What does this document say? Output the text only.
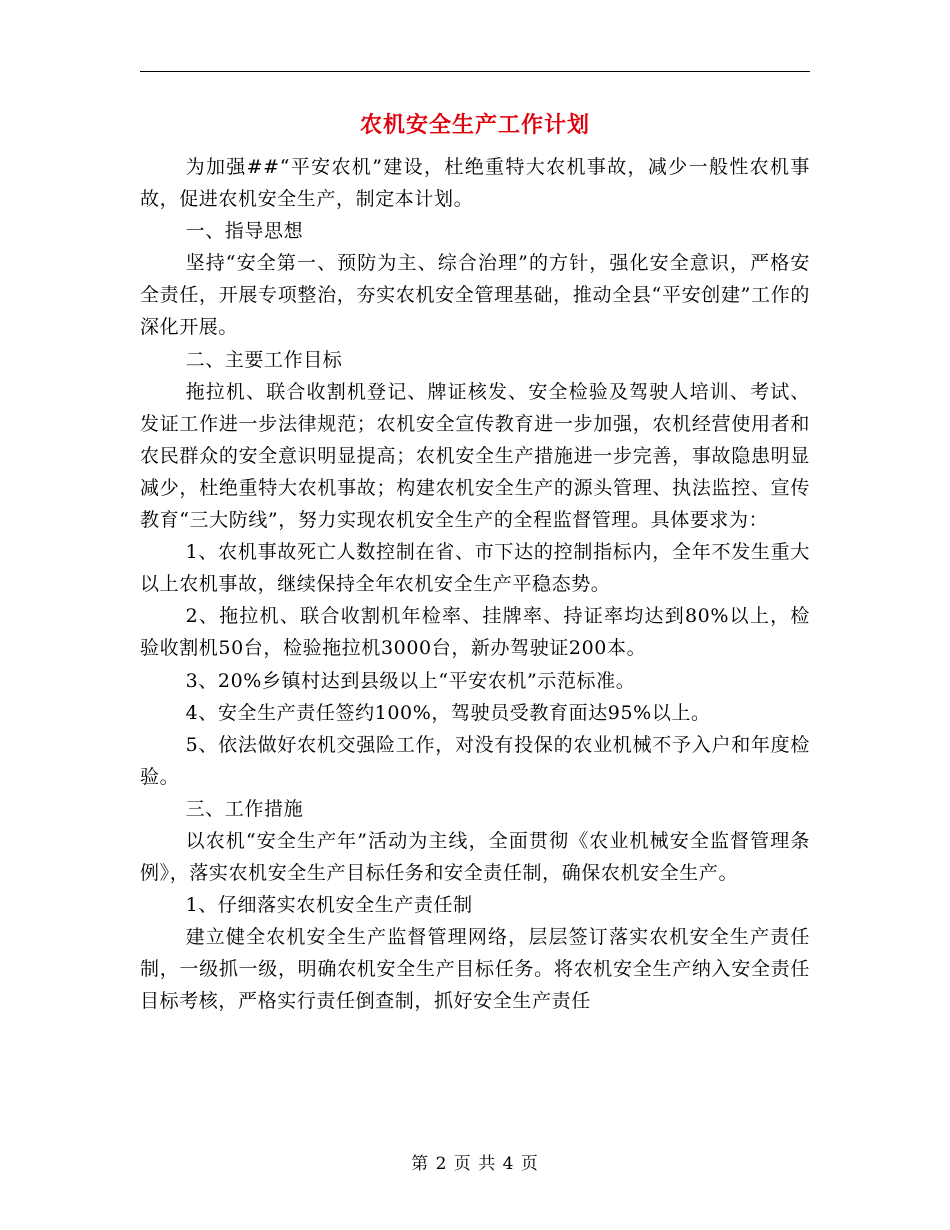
农机安全生产工作计划

为加强##“平安农机”建设，杜绝重特大农机事故，减少一般性农机事故，促进农机安全生产，制定本计划。

一、指导思想

坚持“安全第一、预防为主、综合治理”的方针，强化安全意识，严格安全责任，开展专项整治，夯实农机安全管理基础，推动全县“平安创建”工作的深化开展。

二、主要工作目标

拖拉机、联合收割机登记、牌证核发、安全检验及驾驶人培训、考试、发证工作进一步法律规范；农机安全宣传教育进一步加强，农机经营使用者和农民群众的安全意识明显提高；农机安全生产措施进一步完善，事故隐患明显减少，杜绝重特大农机事故；构建农机安全生产的源头管理、执法监控、宣传教育“三大防线”，努力实现农机安全生产的全程监督管理。具体要求为：

1、农机事故死亡人数控制在省、市下达的控制指标内，全年不发生重大以上农机事故，继续保持全年农机安全生产平稳态势。

2、拖拉机、联合收割机年检率、挂牌率、持证率均达到80%以上，检验收割机50台，检验拖拉机3000台，新办驾驶证200本。

3、20%乡镇村达到县级以上“平安农机”示范标准。

4、安全生产责任签约100%，驾驶员受教育面达95%以上。

5、依法做好农机交强险工作，对没有投保的农业机械不予入户和年度检验。

三、工作措施

以农机“安全生产年”活动为主线，全面贯彻《农业机械安全监督管理条例》，落实农机安全生产目标任务和安全责任制，确保农机安全生产。

1、仔细落实农机安全生产责任制

建立健全农机安全生产监督管理网络，层层签订落实农机安全生产责任制，一级抓一级，明确农机安全生产目标任务。将农机安全生产纳入安全责任目标考核，严格实行责任倒查制，抓好安全生产责任

第 2 页 共 4 页
